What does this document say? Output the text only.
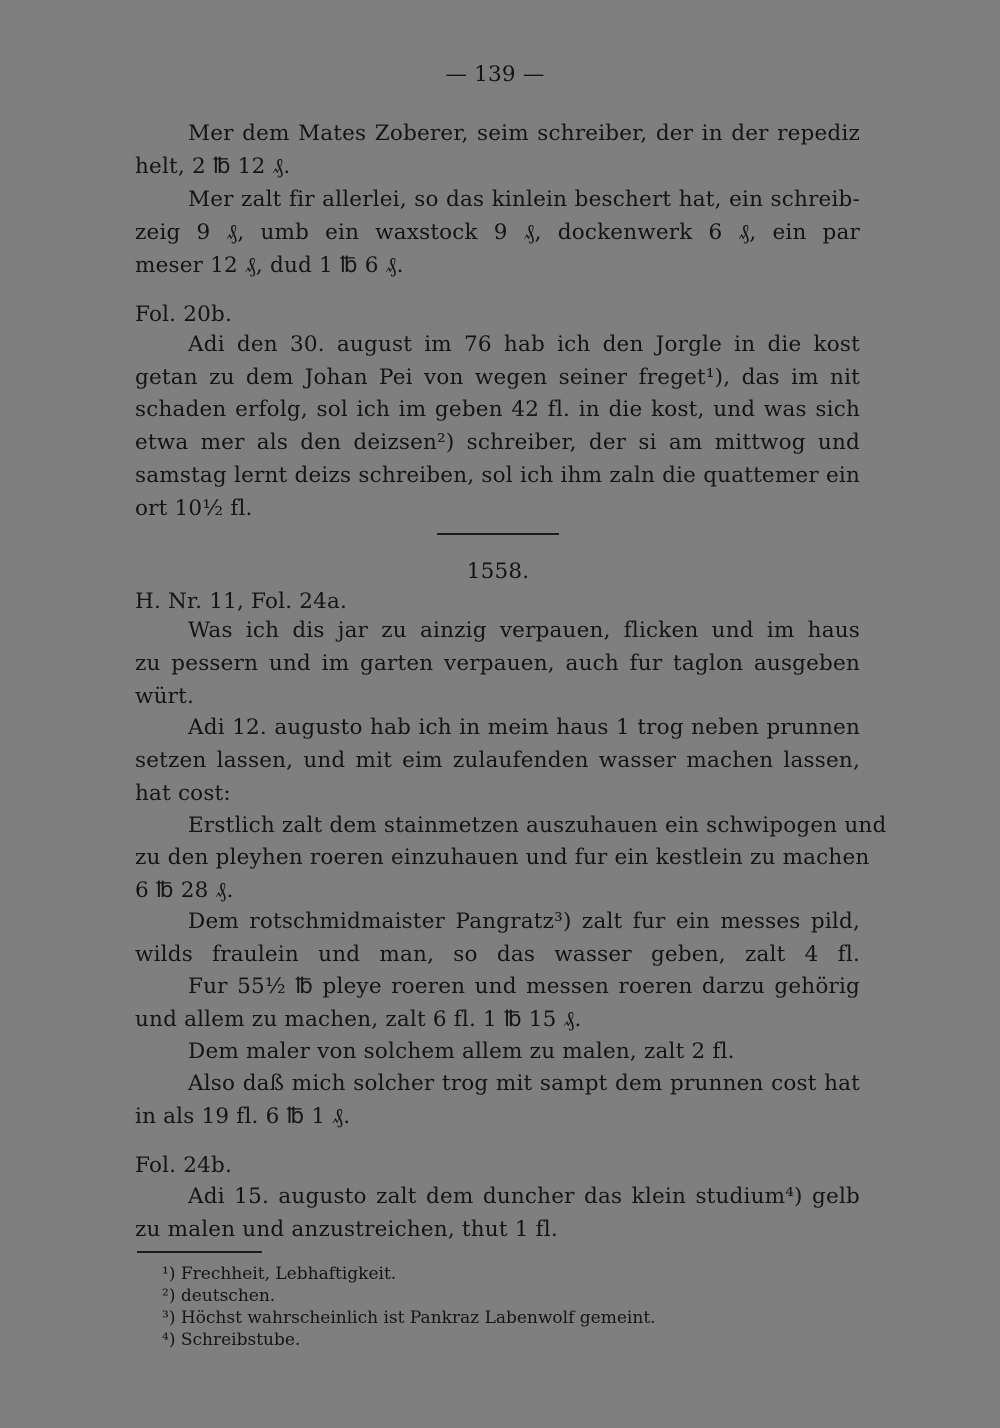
— 139 —
Mer dem Mates Zoberer, seim schreiber, der in der repediz
helt, 2 ℔ 12 ₰.
Mer zalt fir allerlei, so das kinlein beschert hat, ein schreib-
zeig 9 ₰, umb ein waxstock 9 ₰, dockenwerk 6 ₰, ein par
meser 12 ₰, dud 1 ℔ 6 ₰.
Fol. 20b.
Adi den 30. august im 76 hab ich den Jorgle in die kost
getan zu dem Johan Pei von wegen seiner freget¹), das im nit
schaden erfolg, sol ich im geben 42 fl. in die kost, und was sich
etwa mer als den deizsen²) schreiber, der si am mittwog und
samstag lernt deizs schreiben, sol ich ihm zaln die quattemer ein
ort 10½ fl.
1558.
H. Nr. 11, Fol. 24a.
Was ich dis jar zu ainzig verpauen, flicken und im haus
zu pessern und im garten verpauen, auch fur taglon ausgeben
würt.
Adi 12. augusto hab ich in meim haus 1 trog neben prunnen
setzen lassen, und mit eim zulaufenden wasser machen lassen,
hat cost:
Erstlich zalt dem stainmetzen auszuhauen ein schwipogen und
zu den pleyhen roeren einzuhauen und fur ein kestlein zu machen
6 ℔ 28 ₰.
Dem rotschmidmaister Pangratz³) zalt fur ein messes pild,
wilds fraulein und man, so das wasser geben, zalt 4 fl.
Fur 55½ ℔ pleye roeren und messen roeren darzu gehörig
und allem zu machen, zalt 6 fl. 1 ℔ 15 ₰.
Dem maler von solchem allem zu malen, zalt 2 fl.
Also daß mich solcher trog mit sampt dem prunnen cost hat
in als 19 fl. 6 ℔ 1 ₰.
Fol. 24b.
Adi 15. augusto zalt dem duncher das klein studium⁴) gelb
zu malen und anzustreichen, thut 1 fl.
¹) Frechheit, Lebhaftigkeit.
²) deutschen.
³) Höchst wahrscheinlich ist Pankraz Labenwolf gemeint.
⁴) Schreibstube.
